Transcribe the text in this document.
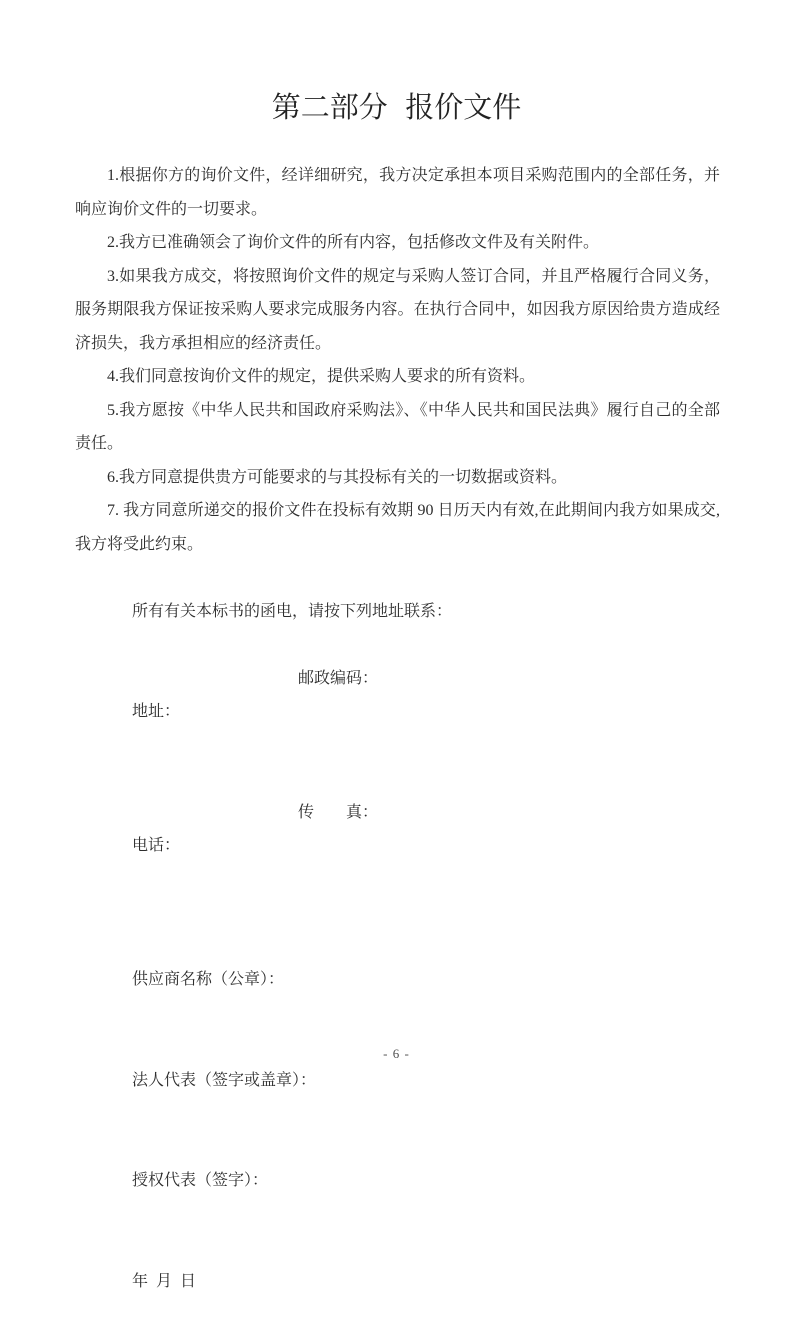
第二部分 报价文件

1.根据你方的询价文件，经详细研究，我方决定承担本项目采购范围内的全部任务，并响应询价文件的一切要求。

2.我方已准确领会了询价文件的所有内容，包括修改文件及有关附件。

3.如果我方成交，将按照询价文件的规定与采购人签订合同，并且严格履行合同义务，服务期限我方保证按采购人要求完成服务内容。在执行合同中，如因我方原因给贵方造成经济损失，我方承担相应的经济责任。

4.我们同意按询价文件的规定，提供采购人要求的所有资料。

5.我方愿按《中华人民共和国政府采购法》、《中华人民共和国民法典》履行自己的全部责任。

6.我方同意提供贵方可能要求的与其投标有关的一切数据或资料。

7. 我方同意所递交的报价文件在投标有效期 90 日历天内有效,在此期间内我方如果成交,我方将受此约束。

所有有关本标书的函电，请按下列地址联系：

地址：

邮政编码：

电话：

传　　真：

供应商名称（公章）：

法人代表（签字或盖章）：

授权代表（签字）：

年  月  日

- 6 -
